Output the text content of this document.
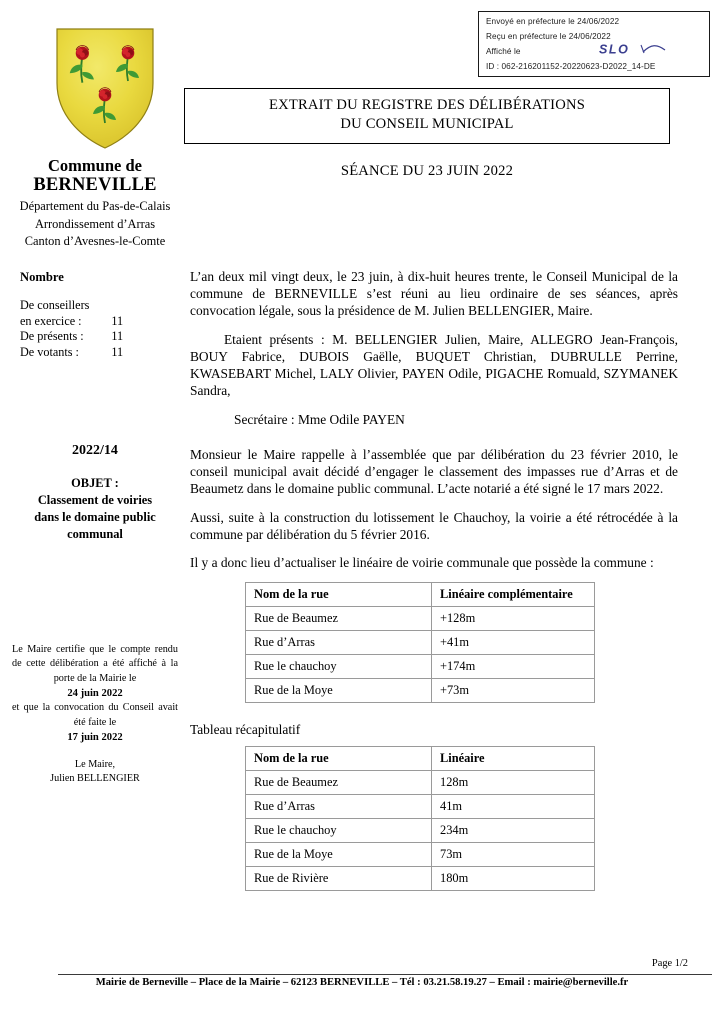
Envoyé en préfecture le 24/06/2022
Reçu en préfecture le 24/06/2022
Affiché le
ID : 062-216201152-20220623-D2022_14-DE
SLO
Commune de
BERNEVILLE
Département du Pas-de-Calais
Arrondissement d’Arras
Canton d’Avesnes-le-Comte
EXTRAIT DU REGISTRE DES DÉLIBÉRATIONS
DU CONSEIL MUNICIPAL
SÉANCE DU 23 JUIN 2022
Nombre
De conseillers	
en exercice :	11
De présents :	11
De votants :	11
2022/14
OBJET :
Classement de voiries
dans le domaine public
communal

Le Maire certifie que le compte rendu de cette délibération a été affiché à la porte de la Mairie le

24 juin 2022

et que la convocation du Conseil avait été faite le

17 juin 2022
Le Maire,
Julien BELLENGIER

L’an deux mil vingt deux, le 23 juin, à dix-huit heures trente, le Conseil Municipal de la commune de BERNEVILLE s’est réuni au lieu ordinaire de ses séances, après convocation légale, sous la présidence de M. Julien BELLENGIER, Maire.

Etaient présents : M. BELLENGIER Julien, Maire, ALLEGRO Jean-François, BOUY Fabrice, DUBOIS Gaëlle, BUQUET Christian, DUBRULLE Perrine, KWASEBART Michel, LALY Olivier, PAYEN Odile, PIGACHE Romuald, SZYMANEK Sandra,

Secrétaire : Mme Odile PAYEN

Monsieur le Maire rappelle à l’assemblée que par délibération du 23 février 2010, le conseil municipal avait décidé d’engager le classement des impasses rue d’Arras et de Beaumetz dans le domaine public communal. L’acte notarié a été signé le 17 mars 2022.

Aussi, suite à la construction du lotissement le Chauchoy, la voirie a été rétrocédée à la commune par délibération du 5 février 2016.

Il y a donc lieu d’actualiser le linéaire de voirie communale que possède la commune :

Nom de la rue	Linéaire complémentaire
Rue de Beaumez	+128m
Rue d’Arras	+41m
Rue le chauchoy	+174m
Rue de la Moye	+73m

Tableau récapitulatif

Nom de la rue	Linéaire
Rue de Beaumez	128m
Rue d’Arras	41m
Rue le chauchoy	234m
Rue de la Moye	73m
Rue de Rivière	180m
Page 1/2
Mairie de Berneville – Place de la Mairie – 62123 BERNEVILLE – Tél : 03.21.58.19.27 – Email : mairie@berneville.fr
